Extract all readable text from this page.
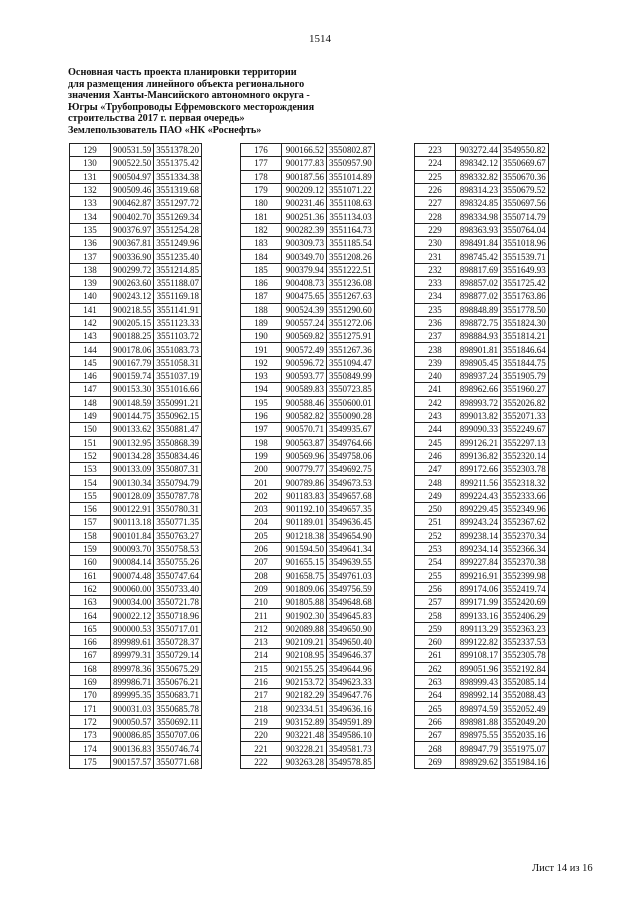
1514
Основная часть проекта планировки территории
для размещения линейного объекта регионального
значения Ханты-Мансийского автономного округа -
Югры «Трубопроводы Ефремовского месторождения
строительства 2017 г. первая очередь»
Землепользователь ПАО «НК «Роснефть»
129	900531.59	3551378.20
130	900522.50	3551375.42
131	900504.97	3551334.38
132	900509.46	3551319.68
133	900462.87	3551297.72
134	900402.70	3551269.34
135	900376.97	3551254.28
136	900367.81	3551249.96
137	900336.90	3551235.40
138	900299.72	3551214.85
139	900263.60	3551188.07
140	900243.12	3551169.18
141	900218.55	3551141.91
142	900205.15	3551123.33
143	900188.25	3551103.72
144	900178.06	3551083.73
145	900167.79	3551058.31
146	900159.74	3551037.19
147	900153.30	3551016.66
148	900148.59	3550991.21
149	900144.75	3550962.15
150	900133.62	3550881.47
151	900132.95	3550868.39
152	900134.28	3550834.46
153	900133.09	3550807.31
154	900130.34	3550794.79
155	900128.09	3550787.78
156	900122.91	3550780.31
157	900113.18	3550771.35
158	900101.84	3550763.27
159	900093.70	3550758.53
160	900084.14	3550755.26
161	900074.48	3550747.64
162	900060.00	3550733.40
163	900034.00	3550721.78
164	900022.12	3550718.96
165	900000.53	3550717.01
166	899989.61	3550728.37
167	899979.31	3550729.14
168	899978.36	3550675.29
169	899986.71	3550676.21
170	899995.35	3550683.71
171	900031.03	3550685.78
172	900050.57	3550692.11
173	900086.85	3550707.06
174	900136.83	3550746.74
175	900157.57	3550771.68
176	900166.52	3550802.87
177	900177.83	3550957.90
178	900187.56	3551014.89
179	900209.12	3551071.22
180	900231.46	3551108.63
181	900251.36	3551134.03
182	900282.39	3551164.73
183	900309.73	3551185.54
184	900349.70	3551208.26
185	900379.94	3551222.51
186	900408.73	3551236.08
187	900475.65	3551267.63
188	900524.39	3551290.60
189	900557.24	3551272.06
190	900569.82	3551275.91
191	900572.49	3551267.36
192	900596.72	3551094.47
193	900593.77	3550849.99
194	900589.83	3550723.85
195	900588.46	3550600.01
196	900582.82	3550090.28
197	900570.71	3549935.67
198	900563.87	3549764.66
199	900569.96	3549758.06
200	900779.77	3549692.75
201	900789.86	3549673.53
202	901183.83	3549657.68
203	901192.10	3549657.35
204	901189.01	3549636.45
205	901218.38	3549654.90
206	901594.50	3549641.34
207	901655.15	3549639.55
208	901658.75	3549761.03
209	901809.06	3549756.59
210	901805.88	3549648.68
211	901902.30	3549645.83
212	902089.88	3549650.90
213	902109.21	3549650.40
214	902108.95	3549646.37
215	902155.25	3549644.96
216	902153.72	3549623.33
217	902182.29	3549647.76
218	902334.51	3549636.16
219	903152.89	3549591.89
220	903221.48	3549586.10
221	903228.21	3549581.73
222	903263.28	3549578.85
223	903272.44	3549550.82
224	898342.12	3550669.67
225	898332.82	3550670.36
226	898314.23	3550679.52
227	898324.85	3550697.56
228	898334.98	3550714.79
229	898363.93	3550764.04
230	898491.84	3551018.96
231	898745.42	3551539.71
232	898817.69	3551649.93
233	898857.02	3551725.42
234	898877.02	3551763.86
235	898848.89	3551778.50
236	898872.75	3551824.30
237	898884.93	3551814.21
238	898901.81	3551846.64
239	898905.45	3551844.75
240	898937.24	3551905.79
241	898962.66	3551960.27
242	898993.72	3552026.82
243	899013.82	3552071.33
244	899090.33	3552249.67
245	899126.21	3552297.13
246	899136.82	3552320.14
247	899172.66	3552303.78
248	899211.56	3552318.32
249	899224.43	3552333.66
250	899229.45	3552349.96
251	899243.24	3552367.62
252	899238.14	3552370.34
253	899234.14	3552366.34
254	899227.84	3552370.38
255	899216.91	3552399.98
256	899174.06	3552419.74
257	899171.99	3552420.69
258	899133.16	3552406.29
259	899113.29	3552363.23
260	899122.82	3552337.53
261	899108.17	3552305.78
262	899051.96	3552192.84
263	898999.43	3552085.14
264	898992.14	3552088.43
265	898974.59	3552052.49
266	898981.88	3552049.20
267	898975.55	3552035.16
268	898947.79	3551975.07
269	898929.62	3551984.16
Лист 14 из 16
